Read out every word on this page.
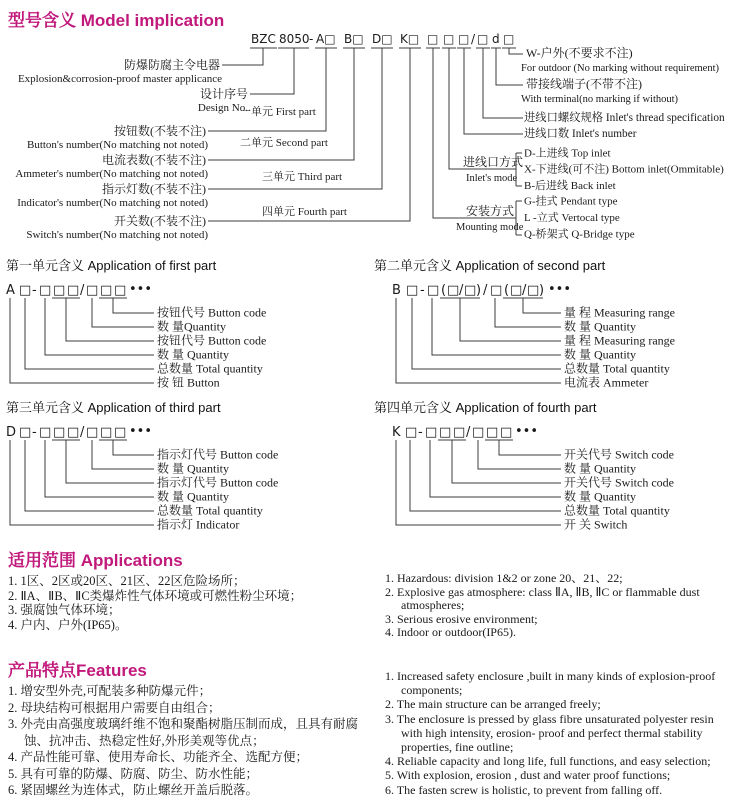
型号含义 Model implication
BZC 8050 - A□ B□ D□ K□ □ □ □ / □ d □
防爆防腐主令电器
Explosion&corrosion-proof master applicance
设计序号
Design No.
按钮数(不装不注)
Button's number(No matching not noted)
电流表数(不装不注)
Ammeter's number(No matching not noted)
指示灯数(不装不注)
Indicator's number(No matching not noted)
开关数(不装不注)
Switch's number(No matching not noted)
一单元 First part
二单元 Second part
三单元 Third part
四单元 Fourth part
W-户外(不要求不注)
For outdoor (No marking without requirement)
带接线端子(不带不注)
With terminal(no marking if without)
进线口螺纹规格 Inlet's thread specification
进线口数 Inlet's number
进线口方式
Inlet's mode
D-上进线 Top inlet
X-下进线(可不注) Bottom inlet(Ommitable)
B-后进线 Back inlet
安装方式
Mounting mode
G-挂式 Pendant type
L -立式 Vertocal type
Q-桥架式 Q-Bridge type
第一单元含义 Application of first part
A □ - □ □ □ / □ □ □ •••
按钮代号 Button code
数 量Quantity
按钮代号 Button code
数 量 Quantity
总数量 Total quantity
按 钮 Button
第二单元含义 Application of second part
B □ - □ ( □ / □ ) / □ ( □ / □ ) •••
量 程 Measuring range
数 量 Quantity
量 程 Measuring range
数 量 Quantity
总数量 Total quantity
电流表 Ammeter
第三单元含义 Application of third part
D □ - □ □ □ / □ □ □ •••
指示灯代号 Button code
数 量 Quantity
指示灯代号 Button code
数 量 Quantity
总数量 Total quantity
指示灯 Indicator
第四单元含义 Application of fourth part
K □ - □ □ □ / □ □ □ •••
开关代号 Switch code
数 量 Quantity
开关代号 Switch code
数 量 Quantity
总数量 Total quantity
开 关 Switch
适用范围 Applications
1. 1区、2区或20区、21区、22区危险场所；
2. ⅡA、ⅡB、ⅡC类爆炸性气体环境或可燃性粉尘环境；
3. 强腐蚀气体环境；
4. 户内、户外(IP65)。
1. Hazardous: division 1&2 or zone 20、21、22;
2. Explosive gas atmosphere: class ⅡA, ⅡB, ⅡC or flammable dust atmospheres;
3. Serious erosive environment;
4. Indoor or outdoor(IP65).
产品特点Features
1. 增安型外壳,可配装多种防爆元件；
2. 母块结构可根据用户需要自由组合；
3. 外壳由高强度玻璃纤维不饱和聚酯树脂压制而成，且具有耐腐蚀、抗冲击、热稳定性好,外形美观等优点；
4. 产品性能可靠、使用寿命长、功能齐全、选配方便；
5. 具有可靠的防爆、防腐、防尘、防水性能；
6. 紧固螺丝为连体式，防止螺丝开盖后脱落。
1. Increased safety enclosure ,built in many kinds of explosion-proof components;
2. The main structure can be arranged freely;
3. The enclosure is pressed by glass fibre unsaturated polyester resin with high intensity, erosion- proof and perfect thermal stability properties, fine outline;
4. Reliable capacity and long life, full functions, and easy selection;
5. With explosion, erosion , dust and water proof functions;
6. The fasten screw is holistic, to prevent from falling off.
